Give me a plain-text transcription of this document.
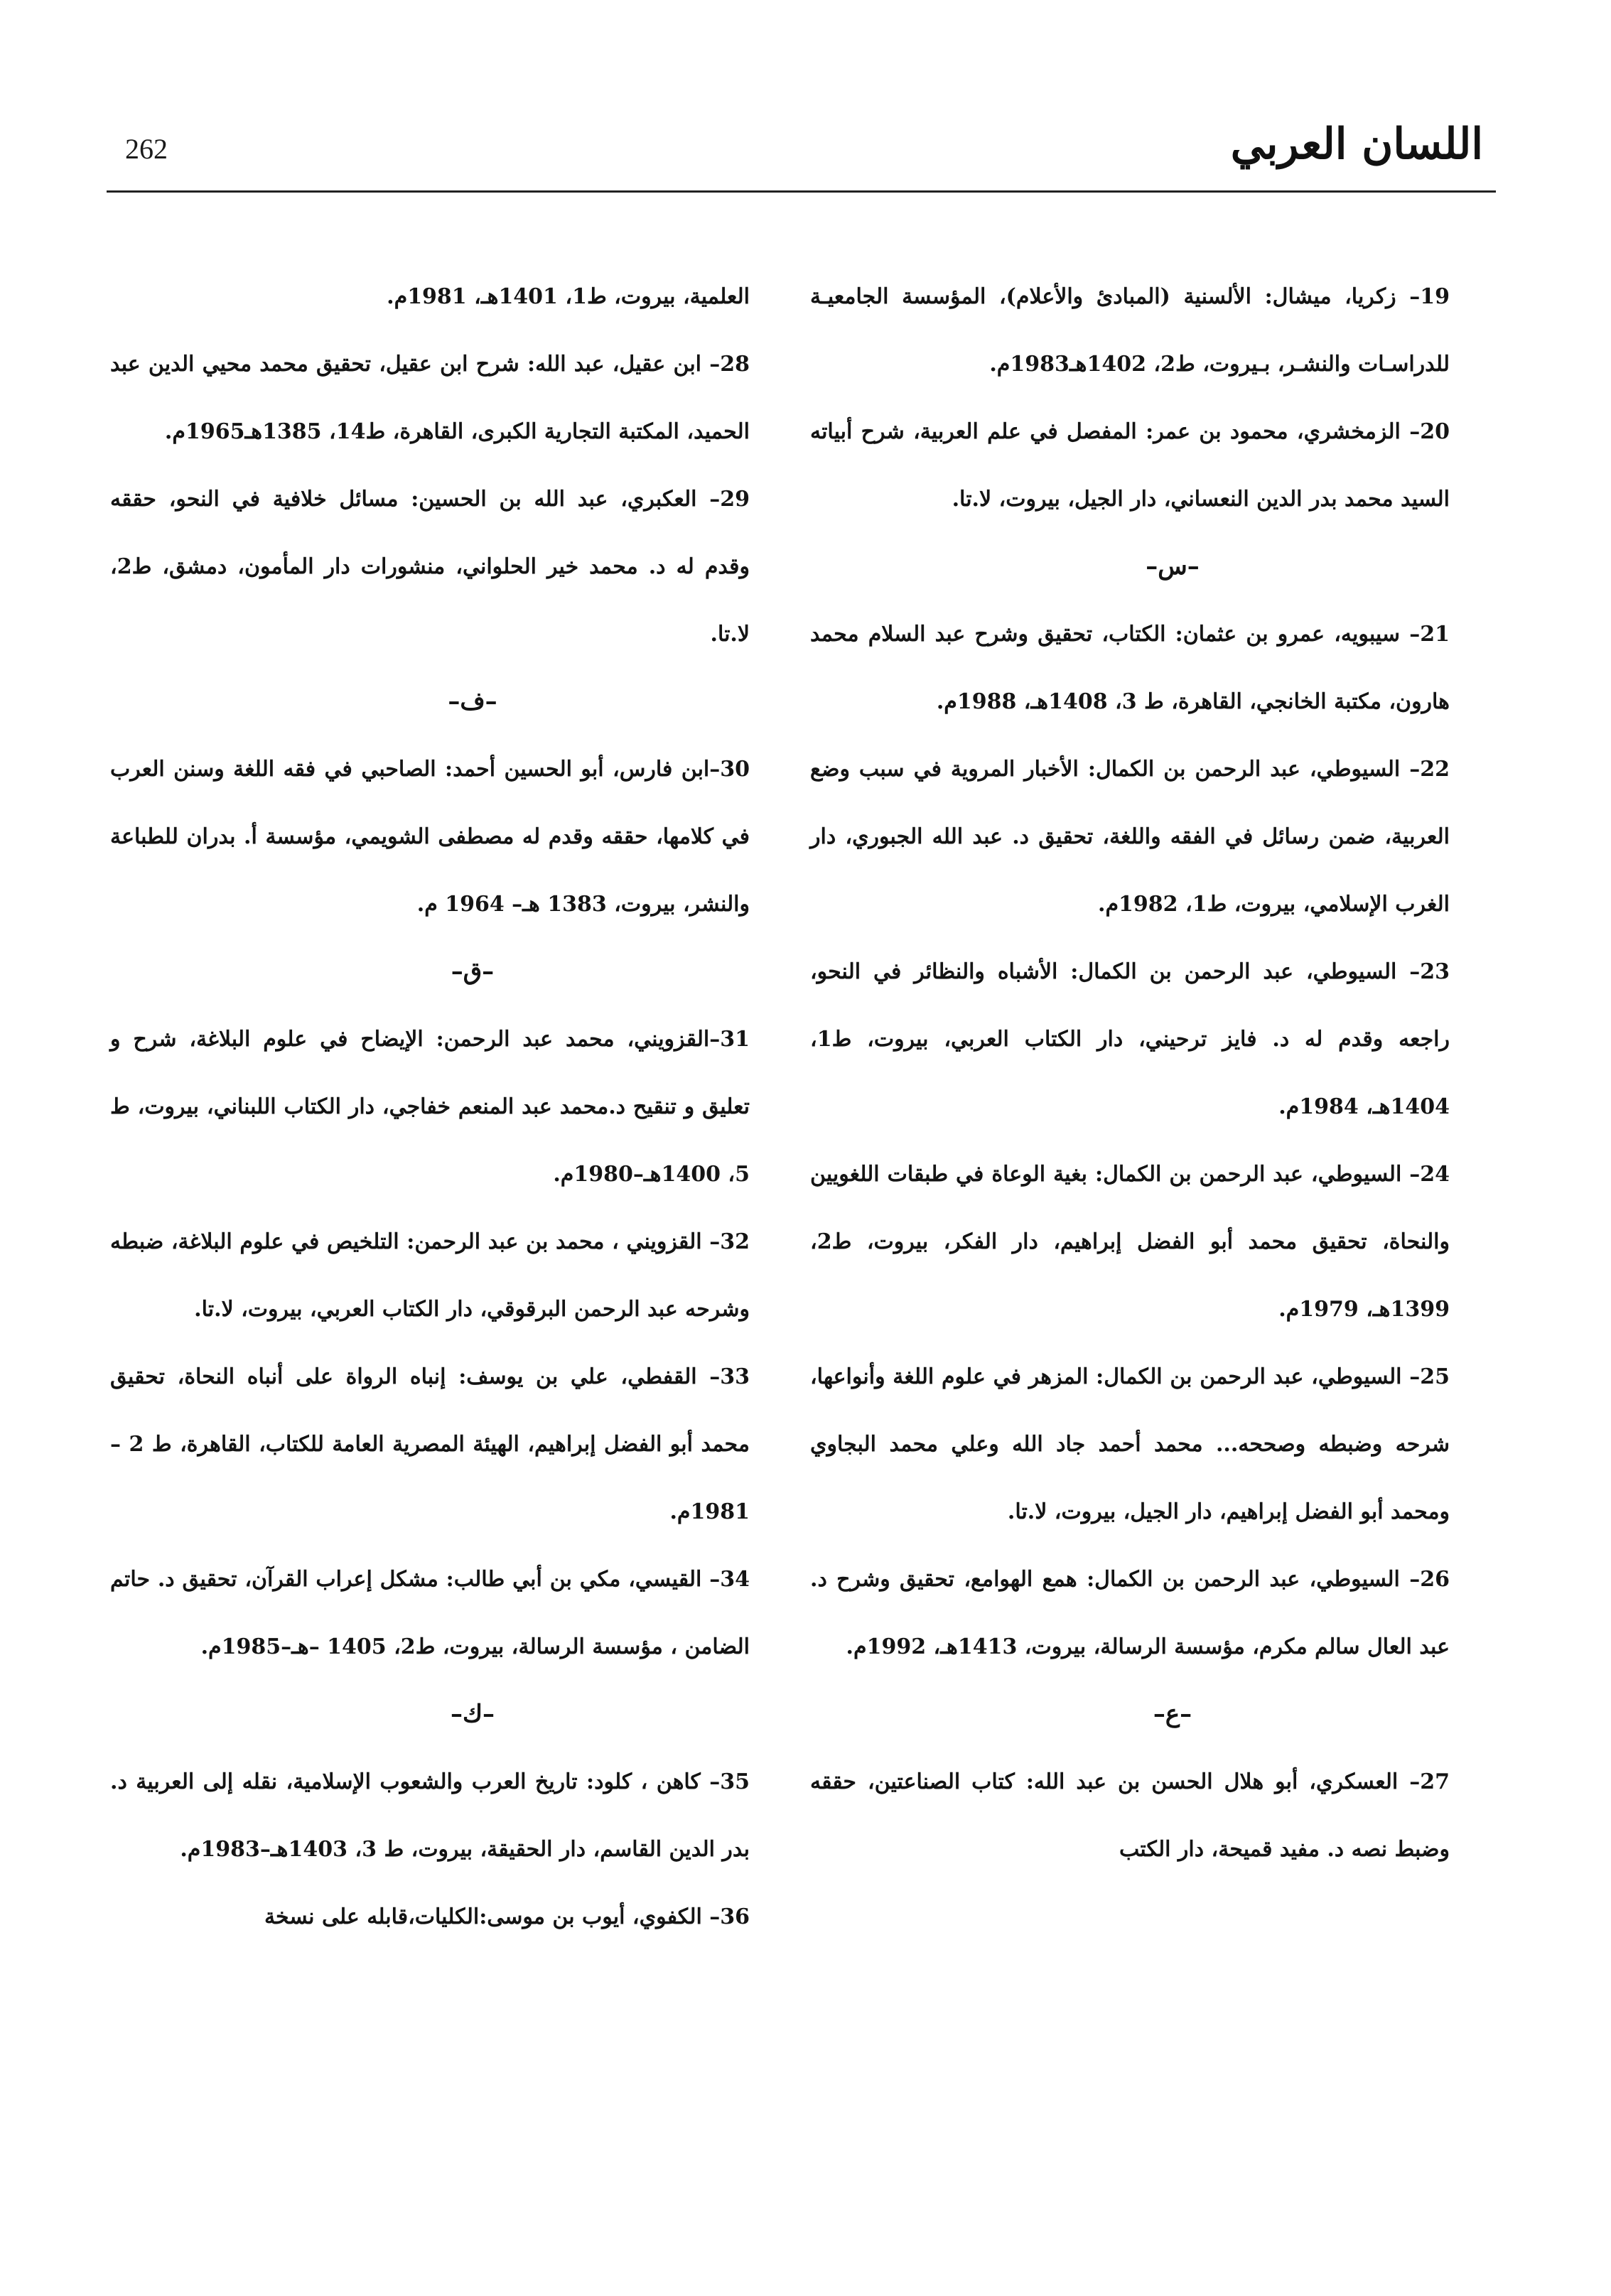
262	اللسان العربي

19– زكريا، ميشال: الألسنية (المبادئ والأعلام)، المؤسسة الجامعيـة للدراسـات والنشـر، بـيروت، ط2، 1402هـ1983م.

20– الزمخشري، محمود بن عمر: المفصل في علم العربية، شرح أبياته السيد محمد بدر الدين النعساني، دار الجيل، بيروت، لا.تا.

–س–

21– سيبويه، عمرو بن عثمان: الكتاب، تحقيق وشرح عبد السلام محمد هارون، مكتبة الخانجي، القاهرة، ط 3، 1408هـ، 1988م.

22– السيوطي، عبد الرحمن بن الكمال: الأخبار المروية في سبب وضع العربية، ضمن رسائل في الفقه واللغة، تحقيق د. عبد الله الجبوري، دار الغرب الإسلامي، بيروت، ط1، 1982م.

23– السيوطي، عبد الرحمن بن الكمال: الأشباه والنظائر في النحو، راجعه وقدم له د. فايز ترحيني، دار الكتاب العربي، بيروت، ط1، 1404هـ، 1984م.

24– السيوطي، عبد الرحمن بن الكمال: بغية الوعاة في طبقات اللغويين والنحاة، تحقيق محمد أبو الفضل إبراهيم، دار الفكر، بيروت، ط2، 1399هـ، 1979م.

25– السيوطي، عبد الرحمن بن الكمال: المزهر في علوم اللغة وأنواعها، شرحه وضبطه وصححه... محمد أحمد جاد الله وعلي محمد البجاوي ومحمد أبو الفضل إبراهيم، دار الجيل، بيروت، لا.تا.

26– السيوطي، عبد الرحمن بن الكمال: همع الهوامع، تحقيق وشرح د. عبد العال سالم مكرم، مؤسسة الرسالة، بيروت، 1413هـ، 1992م.

–ع–

27– العسكري، أبو هلال الحسن بن عبد الله: كتاب الصناعتين، حققه وضبط نصه د. مفيد قميحة، دار الكتب

العلمية، بيروت، ط1، 1401هـ، 1981م.

28– ابن عقيل، عبد الله: شرح ابن عقيل، تحقيق محمد محيي الدين عبد الحميد، المكتبة التجارية الكبرى، القاهرة، ط14، 1385هـ1965م.

29– العكبري، عبد الله بن الحسين: مسائل خلافية في النحو، حققه وقدم له د. محمد خير الحلواني، منشورات دار المأمون، دمشق، ط2، لا.تا.

–ف–

30–ابن فارس، أبو الحسين أحمد: الصاحبي في فقه اللغة وسنن العرب في كلامها، حققه وقدم له مصطفى الشويمي، مؤسسة أ. بدران للطباعة والنشر، بيروت، 1383 هـ– 1964 م.

–ق–

31–القزويني، محمد عبد الرحمن: الإيضاح في علوم البلاغة، شرح و تعليق و تنقيح د.محمد عبد المنعم خفاجي، دار الكتاب اللبناني، بيروت، ط 5، 1400هـ–1980م.

32– القزويني ، محمد بن عبد الرحمن: التلخيص في علوم البلاغة، ضبطه وشرحه عبد الرحمن البرقوقي، دار الكتاب العربي، بيروت، لا.تا.

33– القفطي، علي بن يوسف: إنباه الرواة على أنباه النحاة، تحقيق محمد أبو الفضل إبراهيم، الهيئة المصرية العامة للكتاب، القاهرة، ط 2 –1981م.

34– القيسي، مكي بن أبي طالب: مشكل إعراب القرآن، تحقيق د. حاتم الضامن ، مؤسسة الرسالة، بيروت، ط2، 1405 –هـ–1985م.

–ك–

35– كاهن ، كلود: تاريخ العرب والشعوب الإسلامية، نقله إلى العربية د. بدر الدين القاسم، دار الحقيقة، بيروت، ط 3، 1403هـ–1983م.

36– الكفوي، أيوب بن موسى:الكليات،قابله على نسخة
